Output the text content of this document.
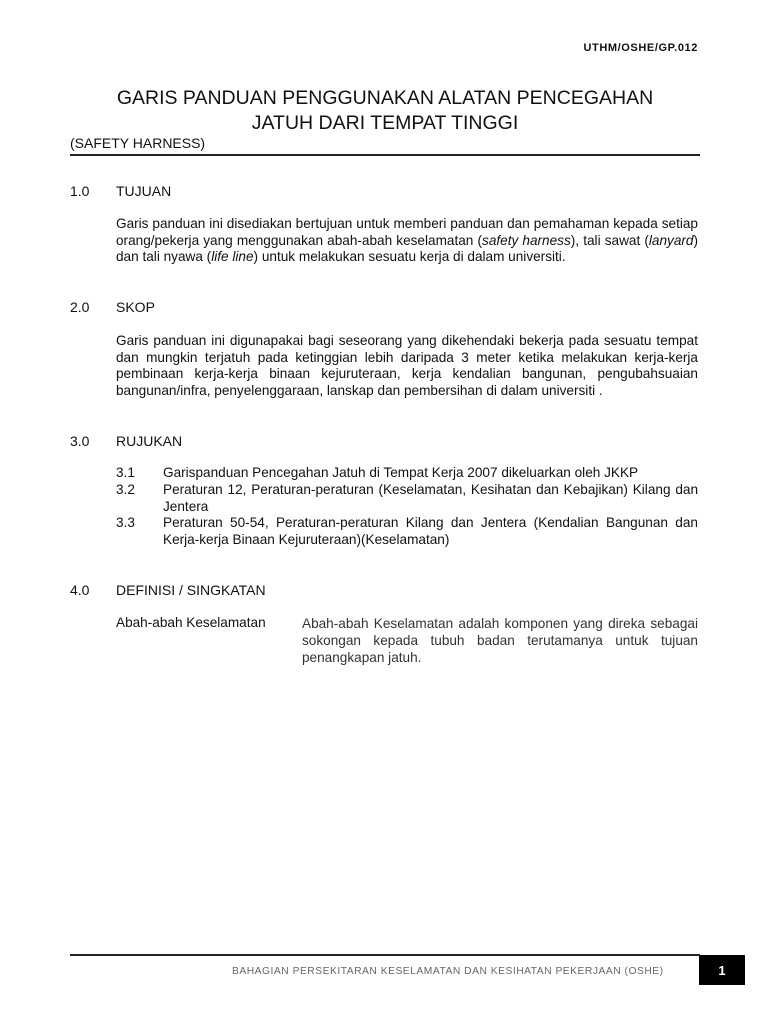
UTHM/OSHE/GP.012
GARIS PANDUAN PENGGUNAKAN ALATAN PENCEGAHAN
JATUH DARI TEMPAT TINGGI
(SAFETY HARNESS)
1.0	TUJUAN
Garis panduan ini disediakan bertujuan untuk memberi panduan dan pemahaman kepada setiap orang/pekerja yang menggunakan abah-abah keselamatan (safety harness), tali sawat (lanyard) dan tali nyawa (life line) untuk melakukan sesuatu kerja di dalam universiti.
2.0	SKOP
Garis panduan ini digunapakai bagi seseorang yang dikehendaki bekerja pada sesuatu tempat dan mungkin terjatuh pada ketinggian lebih daripada 3 meter ketika melakukan kerja-kerja pembinaan kerja-kerja binaan kejuruteraan, kerja kendalian bangunan, pengubahsuaian bangunan/infra, penyelenggaraan, lanskap dan pembersihan di dalam universiti .
3.0	RUJUKAN
3.1	Garispanduan Pencegahan Jatuh di Tempat Kerja 2007 dikeluarkan oleh JKKP
3.2	Peraturan 12, Peraturan-peraturan (Keselamatan, Kesihatan dan Kebajikan) Kilang dan Jentera
3.3	Peraturan 50-54, Peraturan-peraturan Kilang dan Jentera (Kendalian Bangunan dan Kerja-kerja Binaan Kejuruteraan)(Keselamatan)
4.0	DEFINISI / SINGKATAN
Abah-abah Keselamatan	Abah-abah Keselamatan adalah komponen yang direka sebagai sokongan kepada tubuh badan terutamanya untuk tujuan penangkapan jatuh.
BAHAGIAN PERSEKITARAN KESELAMATAN DAN KESIHATAN PEKERJAAN (OSHE)	1
